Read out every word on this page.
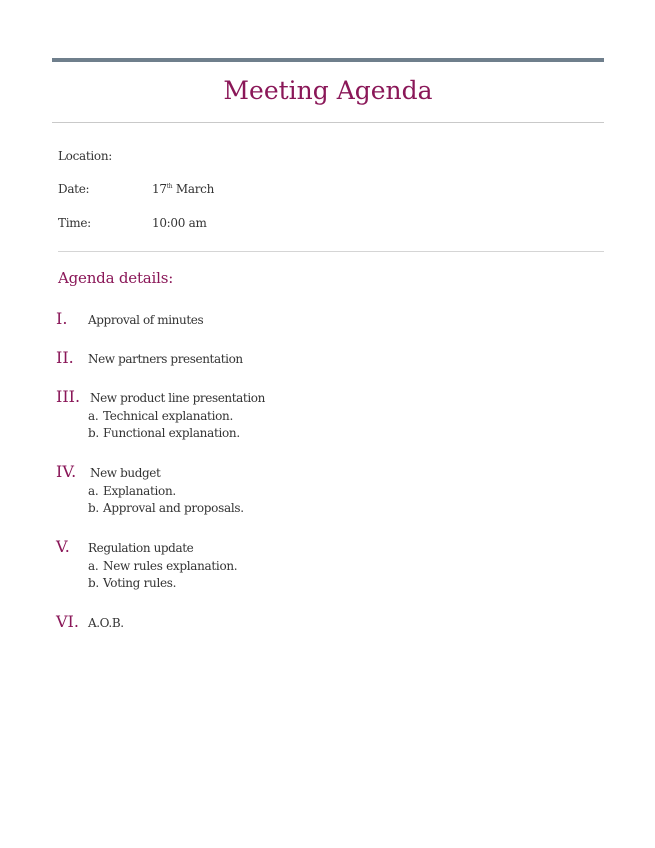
Meeting Agenda
Location:
Date:	17th March
Time:	10:00 am
Agenda details:
I. Approval of minutes
II. New partners presentation
III. New product line presentation
a. Technical explanation.
b. Functional explanation.
IV. New budget
a. Explanation.
b. Approval and proposals.
V. Regulation update
a. New rules explanation.
b. Voting rules.
VI. A.O.B.
